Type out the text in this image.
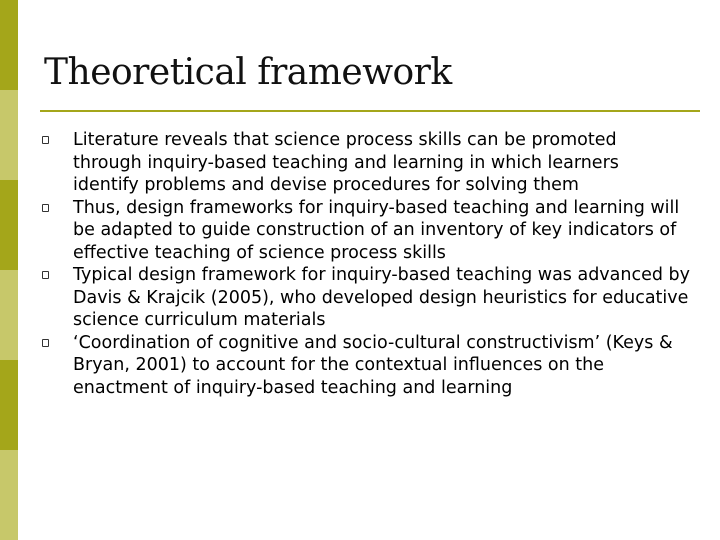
Theoretical framework
Literature reveals that science process skills can be promoted through inquiry-based teaching and learning in which learners identify problems and devise procedures for solving them
Thus, design frameworks for inquiry-based teaching and learning will be adapted to guide construction of an inventory of key indicators of effective teaching of science process skills
Typical design framework for inquiry-based teaching was advanced by Davis & Krajcik (2005), who developed design heuristics for educative science curriculum materials
‘Coordination of cognitive and socio-cultural constructivism’ (Keys & Bryan, 2001) to account for the contextual influences on the enactment of inquiry-based teaching and learning
